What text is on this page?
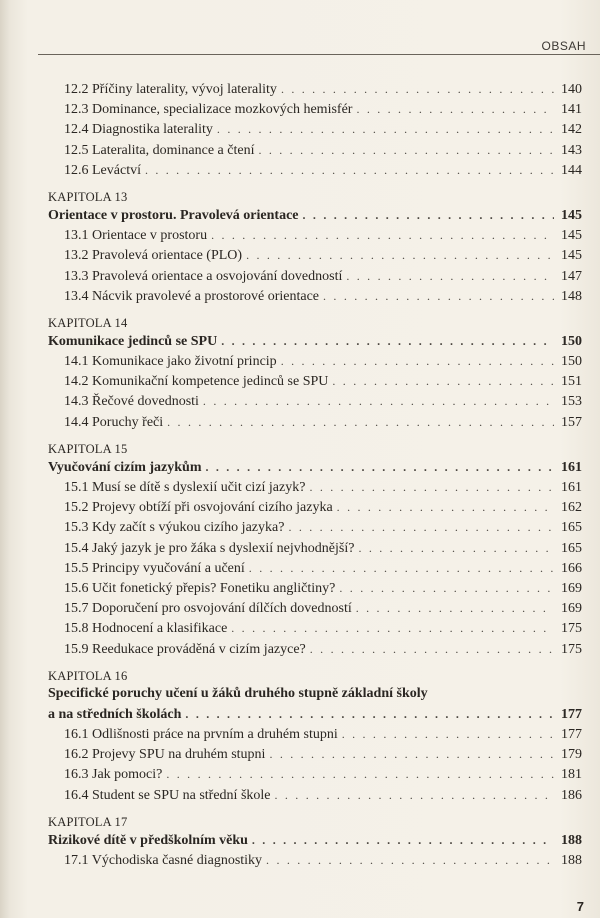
OBSAH
12.2 Příčiny laterality, vývoj laterality . . .	140
12.3 Dominance, specializace mozkových hemisfér . . .	141
12.4 Diagnostika laterality . . .	142
12.5 Lateralita, dominance a čtení . . .	143
12.6 Leváctví . . .	144
KAPITOLA 13
Orientace v prostoru. Pravolevá orientace . . .	145
13.1 Orientace v prostoru . . .	145
13.2 Pravolevá orientace (PLO) . . .	145
13.3 Pravolevá orientace a osvojování dovedností . . .	147
13.4 Nácvik pravolevé a prostorové orientace . . .	148
KAPITOLA 14
Komunikace jedinců se SPU . . .	150
14.1 Komunikace jako životní princip . . .	150
14.2 Komunikační kompetence jedinců se SPU . . .	151
14.3 Řečové dovednosti . . .	153
14.4 Poruchy řeči . . .	157
KAPITOLA 15
Vyučování cizím jazykům . . .	161
15.1 Musí se dítě s dyslexií učit cizí jazyk? . . .	161
15.2 Projevy obtíží při osvojování cizího jazyka . . .	162
15.3 Kdy začít s výukou cizího jazyka? . . .	165
15.4 Jaký jazyk je pro žáka s dyslexií nejvhodnější? . . .	165
15.5 Principy vyučování a učení . . .	166
15.6 Učit fonetický přepis? Fonetiku angličtiny? . . .	169
15.7 Doporučení pro osvojování dílčích dovedností . . .	169
15.8 Hodnocení a klasifikace . . .	175
15.9 Reedukace prováděná v cizím jazyce? . . .	175
KAPITOLA 16
Specifické poruchy učení u žáků druhého stupně základní školy
a na středních školách . . .	177
16.1 Odlišnosti práce na prvním a druhém stupni . . .	177
16.2 Projevy SPU na druhém stupni . . .	179
16.3 Jak pomoci? . . .	181
16.4 Student se SPU na střední škole . . .	186
KAPITOLA 17
Rizikové dítě v předškolním věku . . .	188
17.1 Východiska časné diagnostiky . . .	188
7
